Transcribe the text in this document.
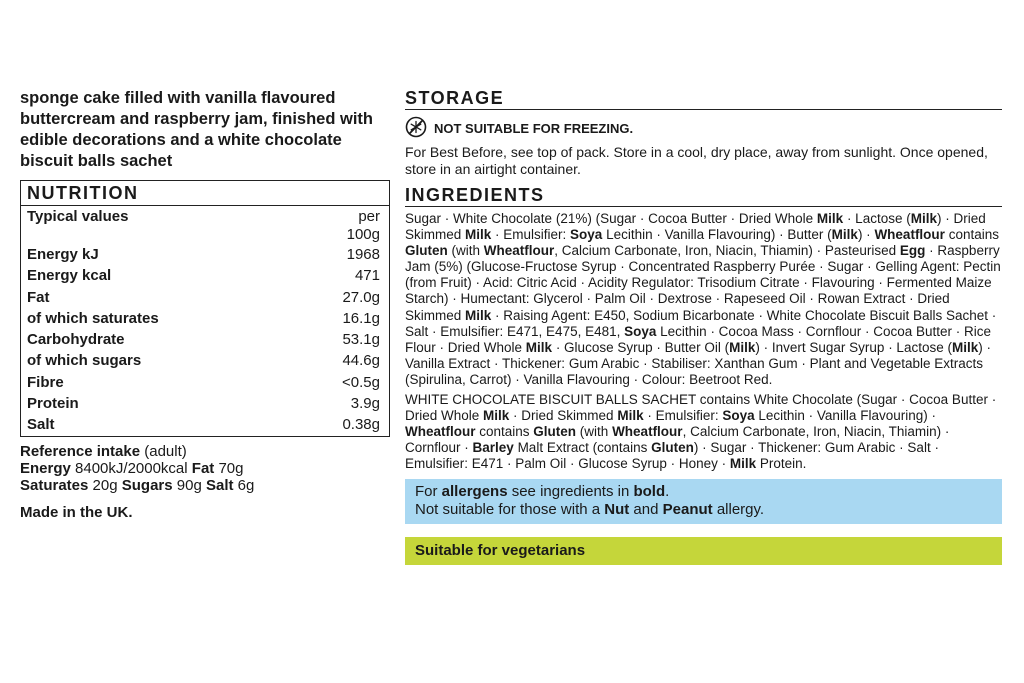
sponge cake filled with vanilla flavoured buttercream and raspberry jam, finished with edible decorations and a white chocolate biscuit balls sachet

NUTRITION
Typical values	per 100g
Energy kJ	1968
Energy kcal	471
Fat	27.0g
of which saturates	16.1g
Carbohydrate	53.1g
of which sugars	44.6g
Fibre	<0.5g
Protein	3.9g
Salt	0.38g
Reference intake (adult)
Energy 8400kJ/2000kcal Fat 70g
Saturates 20g Sugars 90g Salt 6g
Made in the UK.
STORAGE
NOT SUITABLE FOR FREEZING.
For Best Before, see top of pack. Store in a cool, dry place, away from sunlight. Once opened, store in an airtight container.
INGREDIENTS
Sugar · White Chocolate (21%) (Sugar · Cocoa Butter · Dried Whole Milk · Lactose (Milk) · Dried Skimmed Milk · Emulsifier: Soya Lecithin · Vanilla Flavouring) · Butter (Milk) · Wheatflour contains Gluten (with Wheatflour, Calcium Carbonate, Iron, Niacin, Thiamin) · Pasteurised Egg · Raspberry Jam (5%) (Glucose-Fructose Syrup · Concentrated Raspberry Purée · Sugar · Gelling Agent: Pectin (from Fruit) · Acid: Citric Acid · Acidity Regulator: Trisodium Citrate · Flavouring · Fermented Maize Starch) · Humectant: Glycerol · Palm Oil · Dextrose · Rapeseed Oil · Rowan Extract · Dried Skimmed Milk · Raising Agent: E450, Sodium Bicarbonate · White Chocolate Biscuit Balls Sachet · Salt · Emulsifier: E471, E475, E481, Soya Lecithin · Cocoa Mass · Cornflour · Cocoa Butter · Rice Flour · Dried Whole Milk · Glucose Syrup · Butter Oil (Milk) · Invert Sugar Syrup · Lactose (Milk) · Vanilla Extract · Thickener: Gum Arabic · Stabiliser: Xanthan Gum · Plant and Vegetable Extracts (Spirulina, Carrot) · Vanilla Flavouring · Colour: Beetroot Red.
WHITE CHOCOLATE BISCUIT BALLS SACHET contains White Chocolate (Sugar · Cocoa Butter · Dried Whole Milk · Dried Skimmed Milk · Emulsifier: Soya Lecithin · Vanilla Flavouring) · Wheatflour contains Gluten (with Wheatflour, Calcium Carbonate, Iron, Niacin, Thiamin) · Cornflour · Barley Malt Extract (contains Gluten) · Sugar · Thickener: Gum Arabic · Salt · Emulsifier: E471 · Palm Oil · Glucose Syrup · Honey · Milk Protein.
For allergens see ingredients in bold.
Not suitable for those with a Nut and Peanut allergy.
Suitable for vegetarians
